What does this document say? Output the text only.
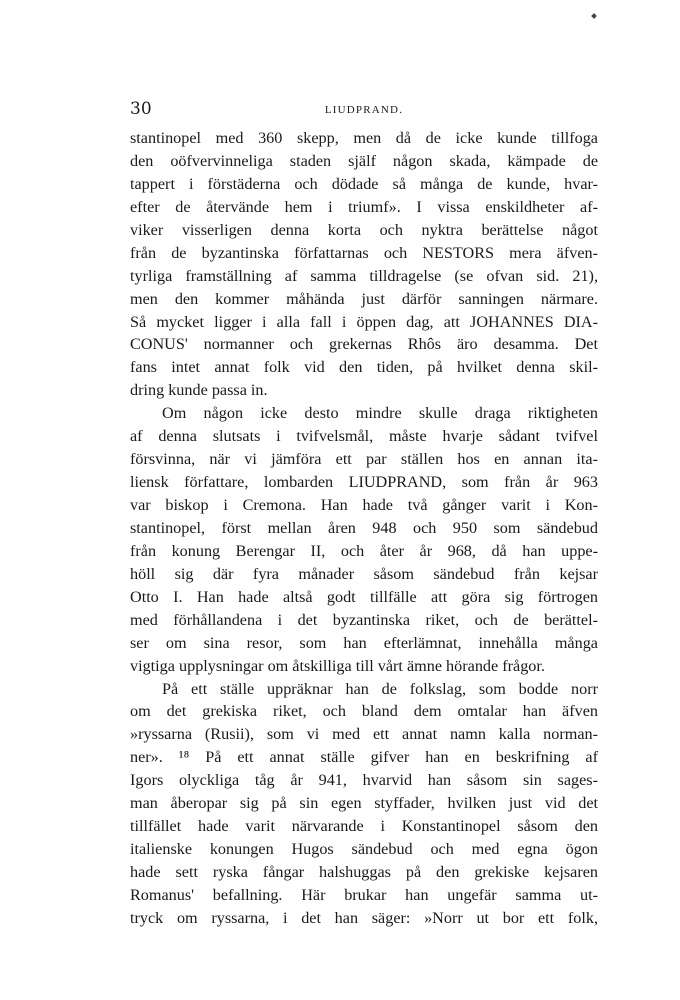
30	LIUDPRAND.
stantinopel med 360 skepp, men då de icke kunde tillfoga
den oöfvervinneliga staden själf någon skada, kämpade de
tappert i förstäderna och dödade så många de kunde, hvar-
efter de återvände hem i triumf». I vissa enskildheter af-
viker visserligen denna korta och nyktra berättelse något
från de byzantinska författarnas och NESTORS mera äfven-
tyrliga framställning af samma tilldragelse (se ofvan sid. 21),
men den kommer måhända just därför sanningen närmare.
Så mycket ligger i alla fall i öppen dag, att JOHANNES DIA-
CONUS' normanner och grekernas Rhôs äro desamma. Det
fans intet annat folk vid den tiden, på hvilket denna skil-
dring kunde passa in.
Om någon icke desto mindre skulle draga riktigheten
af denna slutsats i tvifvelsmål, måste hvarje sådant tvifvel
försvinna, när vi jämföra ett par ställen hos en annan ita-
liensk författare, lombarden LIUDPRAND, som från år 963
var biskop i Cremona. Han hade två gånger varit i Kon-
stantinopel, först mellan åren 948 och 950 som sändebud
från konung Berengar II, och åter år 968, då han uppe-
höll sig där fyra månader såsom sändebud från kejsar
Otto I. Han hade altså godt tillfälle att göra sig förtrogen
med förhållandena i det byzantinska riket, och de berättel-
ser om sina resor, som han efterlämnat, innehålla många
vigtiga upplysningar om åtskilliga till vårt ämne hörande frågor.
På ett ställe uppräknar han de folkslag, som bodde norr
om det grekiska riket, och bland dem omtalar han äfven
»ryssarna (Rusii), som vi med ett annat namn kalla norman-
ner». ¹⁸ På ett annat ställe gifver han en beskrifning af
Igors olyckliga tåg år 941, hvarvid han såsom sin sages-
man åberopar sig på sin egen styffader, hvilken just vid det
tillfället hade varit närvarande i Konstantinopel såsom den
italienske konungen Hugos sändebud och med egna ögon
hade sett ryska fångar halshuggas på den grekiske kejsaren
Romanus' befallning. Här brukar han ungefär samma ut-
tryck om ryssarna, i det han säger: »Norr ut bor ett folk,
